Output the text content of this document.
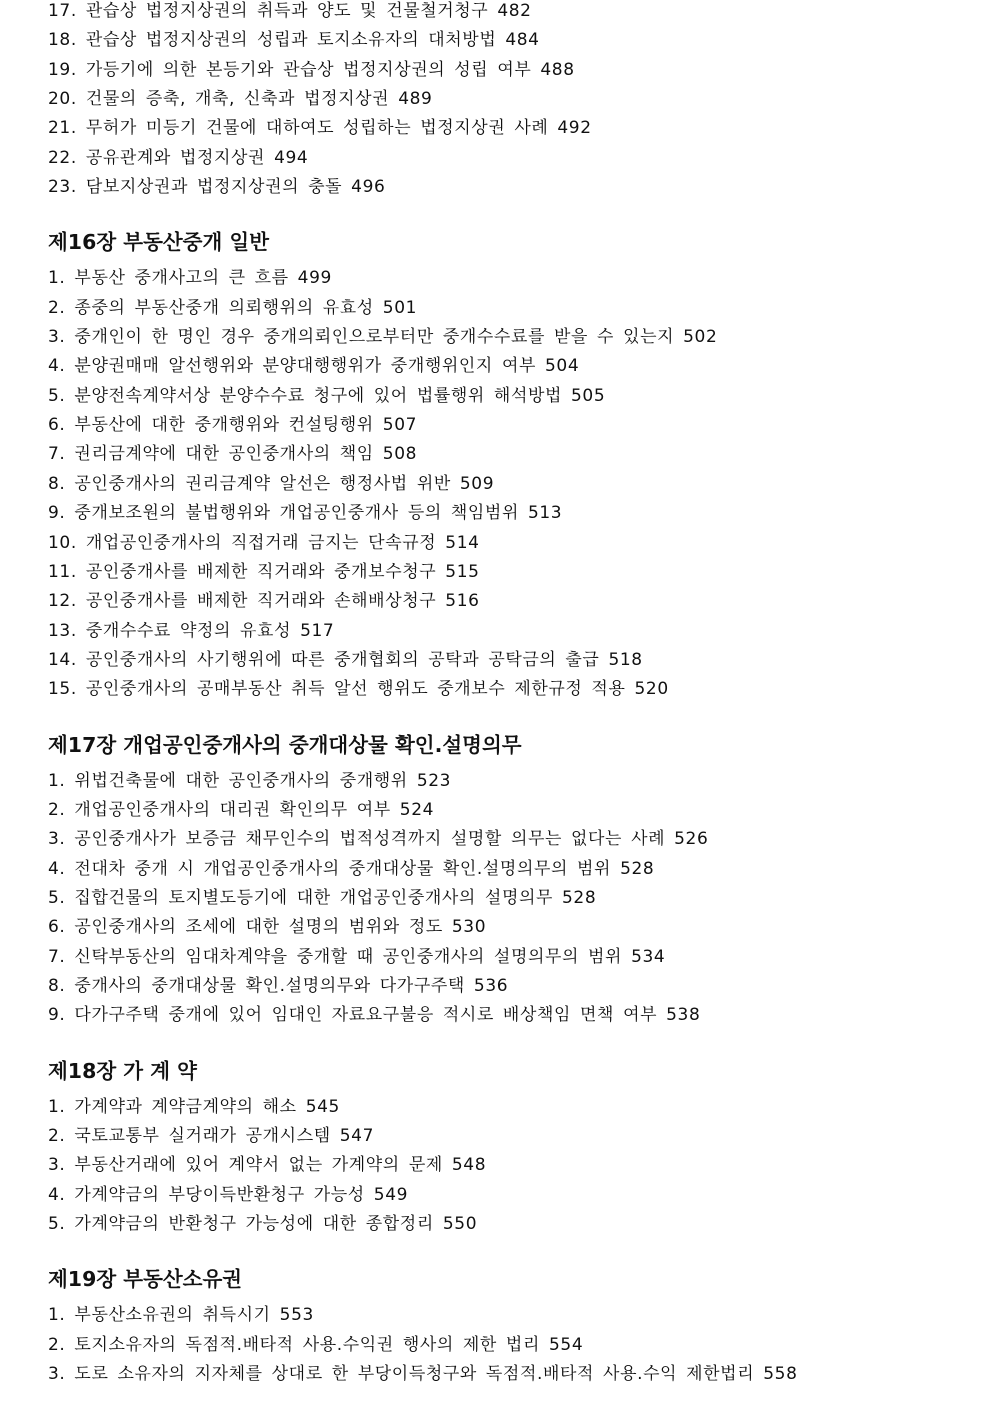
17. 관습상 법정지상권의 취득과 양도 및 건물철거청구 482
18. 관습상 법정지상권의 성립과 토지소유자의 대처방법 484
19. 가등기에 의한 본등기와 관습상 법정지상권의 성립 여부 488
20. 건물의 증축, 개축, 신축과 법정지상권 489
21. 무허가 미등기 건물에 대하여도 성립하는 법정지상권 사례 492
22. 공유관계와 법정지상권 494
23. 담보지상권과 법정지상권의 충돌 496
제16장 부동산중개 일반
1. 부동산 중개사고의 큰 흐름 499
2. 종중의 부동산중개 의뢰행위의 유효성 501
3. 중개인이 한 명인 경우 중개의뢰인으로부터만 중개수수료를 받을 수 있는지 502
4. 분양권매매 알선행위와 분양대행행위가 중개행위인지 여부 504
5. 분양전속계약서상 분양수수료 청구에 있어 법률행위 해석방법 505
6. 부동산에 대한 중개행위와 컨설팅행위 507
7. 권리금계약에 대한 공인중개사의 책임 508
8. 공인중개사의 권리금계약 알선은 행정사법 위반 509
9. 중개보조원의 불법행위와 개업공인중개사 등의 책임범위 513
10. 개업공인중개사의 직접거래 금지는 단속규정 514
11. 공인중개사를 배제한 직거래와 중개보수청구 515
12. 공인중개사를 배제한 직거래와 손해배상청구 516
13. 중개수수료 약정의 유효성 517
14. 공인중개사의 사기행위에 따른 중개협회의 공탁과 공탁금의 출급 518
15. 공인중개사의 공매부동산 취득 알선 행위도 중개보수 제한규정 적용 520
제17장 개업공인중개사의 중개대상물 확인.설명의무
1. 위법건축물에 대한 공인중개사의 중개행위 523
2. 개업공인중개사의 대리권 확인의무 여부 524
3. 공인중개사가 보증금 채무인수의 법적성격까지 설명할 의무는 없다는 사례 526
4. 전대차 중개 시 개업공인중개사의 중개대상물 확인.설명의무의 범위 528
5. 집합건물의 토지별도등기에 대한 개업공인중개사의 설명의무 528
6. 공인중개사의 조세에 대한 설명의 범위와 정도 530
7. 신탁부동산의 임대차계약을 중개할 때 공인중개사의 설명의무의 범위 534
8. 중개사의 중개대상물 확인.설명의무와 다가구주택 536
9. 다가구주택 중개에 있어 임대인 자료요구불응 적시로 배상책임 면책 여부 538
제18장 가 계 약
1. 가계약과 계약금계약의 해소 545
2. 국토교통부 실거래가 공개시스템 547
3. 부동산거래에 있어 계약서 없는 가계약의 문제 548
4. 가계약금의 부당이득반환청구 가능성 549
5. 가계약금의 반환청구 가능성에 대한 종합정리 550
제19장 부동산소유권
1. 부동산소유권의 취득시기 553
2. 토지소유자의 독점적.배타적 사용.수익권 행사의 제한 법리 554
3. 도로 소유자의 지자체를 상대로 한 부당이득청구와 독점적.배타적 사용.수익 제한법리 558
